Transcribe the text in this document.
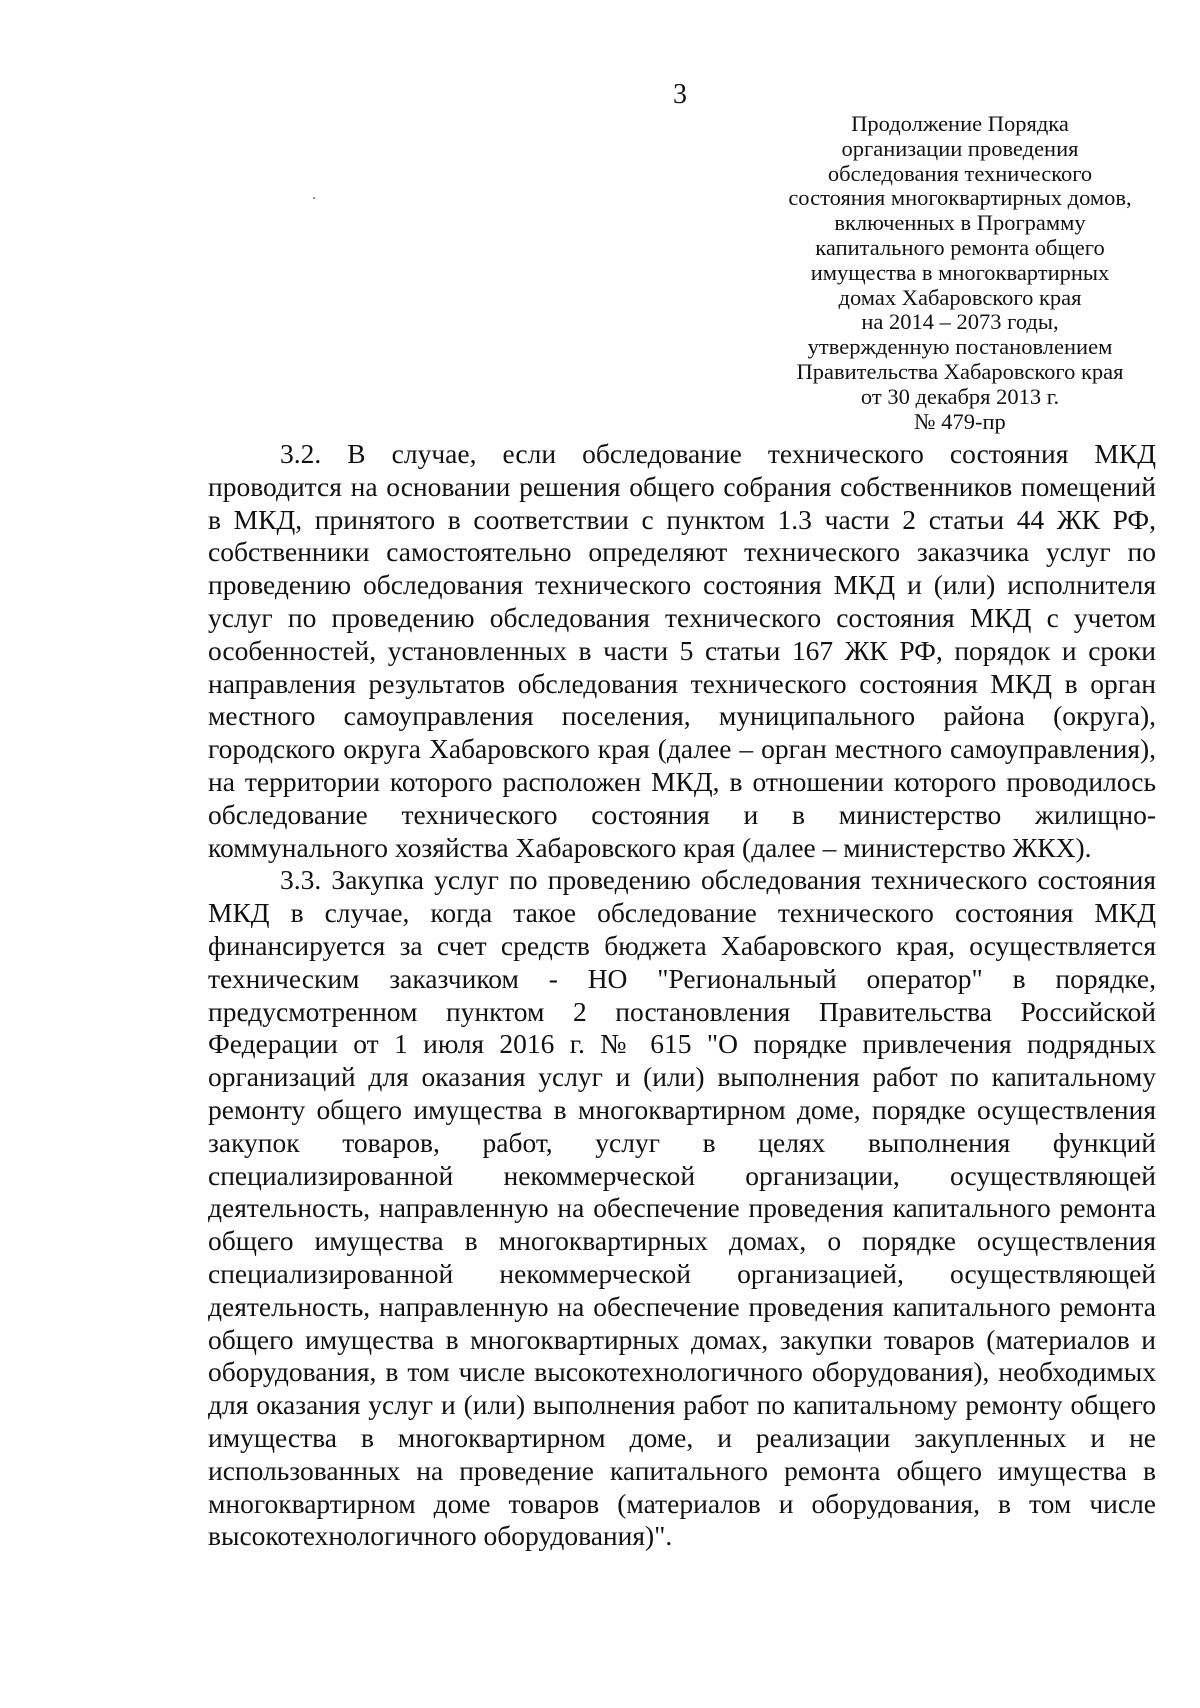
3
Продолжение Порядка
организации проведения
обследования технического
состояния многоквартирных домов,
включенных в Программу
капитального ремонта общего
имущества в многоквартирных
домах Хабаровского края
на 2014 – 2073 годы,
утвержденную постановлением
Правительства Хабаровского края
от 30 декабря 2013 г.
№ 479-пр

3.2. В случае, если обследование технического состояния МКД проводится на основании решения общего собрания собственников помещений в МКД, принятого в соответствии с пунктом 1.3 части 2 статьи 44 ЖК РФ, собственники самостоятельно определяют технического заказчика услуг по проведению обследования технического состояния МКД и (или) исполнителя услуг по проведению обследования технического состояния МКД с учетом особенностей, установленных в части 5 статьи 167 ЖК РФ, порядок и сроки направления результатов обследования технического состояния МКД в орган местного самоуправления поселения, муниципального района (округа), городского округа Хабаровского края (далее – орган местного самоуправления), на территории которого расположен МКД, в отношении которого проводилось обследование технического состояния и в министерство жилищно-коммунального хозяйства Хабаровского края (далее – министерство ЖКХ).

3.3. Закупка услуг по проведению обследования технического состояния МКД в случае, когда такое обследование технического состояния МКД финансируется за счет средств бюджета Хабаровского края, осуществляется техническим заказчиком - НО "Региональный оператор" в порядке, предусмотренном пунктом 2 постановления Правительства Российской Федерации от 1 июля 2016 г. № 615 "О порядке привлечения подрядных организаций для оказания услуг и (или) выполнения работ по капитальному ремонту общего имущества в многоквартирном доме, порядке осуществления закупок товаров, работ, услуг в целях выполнения функций специализированной некоммерческой организации, осуществляющей деятельность, направленную на обеспечение проведения капитального ремонта общего имущества в многоквартирных домах, о порядке осуществления специализированной некоммерческой организацией, осуществляющей деятельность, направленную на обеспечение проведения капитального ремонта общего имущества в многоквартирных домах, закупки товаров (материалов и оборудования, в том числе высокотехнологичного оборудования), необходимых для оказания услуг и (или) выполнения работ по капитальному ремонту общего имущества в многоквартирном доме, и реализации закупленных и не использованных на проведение капитального ремонта общего имущества в многоквартирном доме товаров (материалов и оборудования, в том числе высокотехнологичного оборудования)".
